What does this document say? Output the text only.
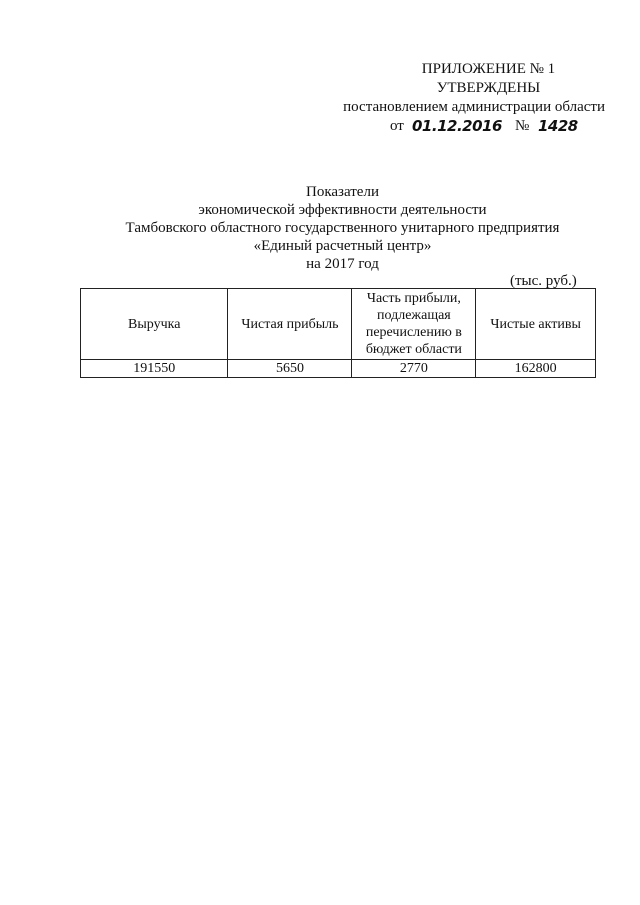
ПРИЛОЖЕНИЕ № 1
УТВЕРЖДЕНЫ
постановлением администрации области
от 01.12.2016 № 1428
Показатели
экономической эффективности деятельности
Тамбовского областного государственного унитарного предприятия
«Единый расчетный центр»
на 2017 год
(тыс. руб.)
Выручка	Чистая прибыль	Часть прибыли, подлежащая перечислению в бюджет области	Чистые активы
191550	5650	2770	162800
